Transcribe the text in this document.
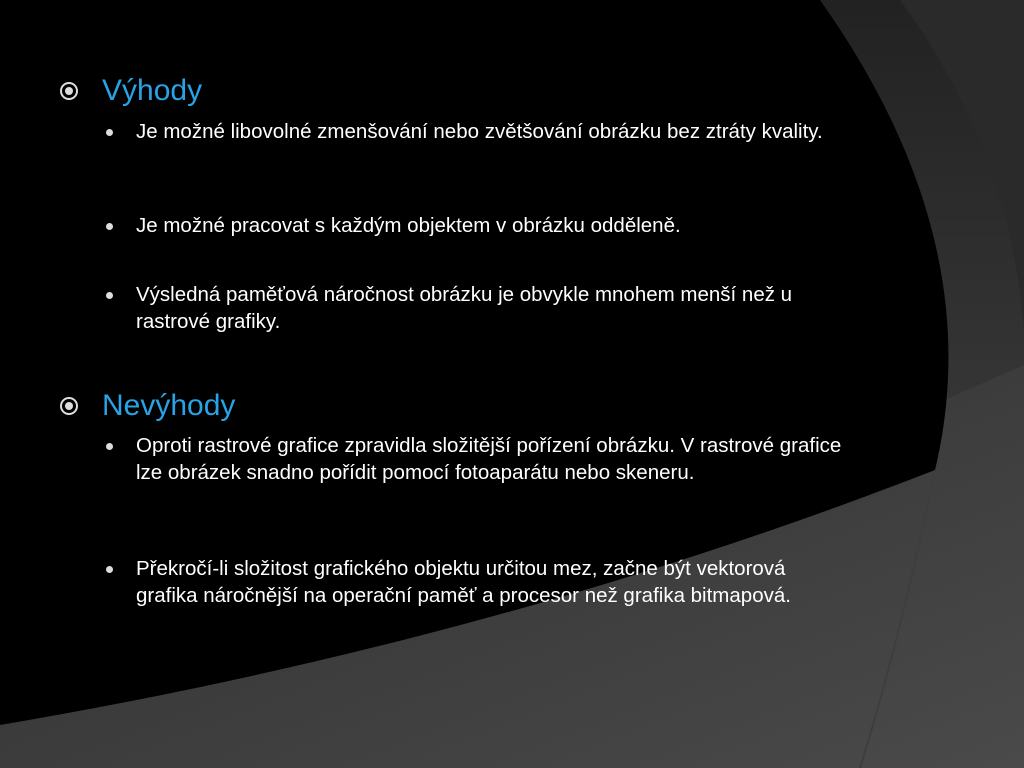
Výhody
Je možné libovolné zmenšování nebo zvětšování obrázku bez ztráty kvality.
Je možné pracovat s každým objektem v obrázku odděleně.
Výsledná paměťová náročnost obrázku je obvykle mnohem menší než u rastrové grafiky.
Nevýhody
Oproti rastrové grafice zpravidla složitější pořízení obrázku. V rastrové grafice lze obrázek snadno pořídit pomocí fotoaparátu nebo skeneru.
Překročí-li složitost grafického objektu určitou mez, začne být vektorová grafika náročnější na operační paměť a procesor než grafika bitmapová.
